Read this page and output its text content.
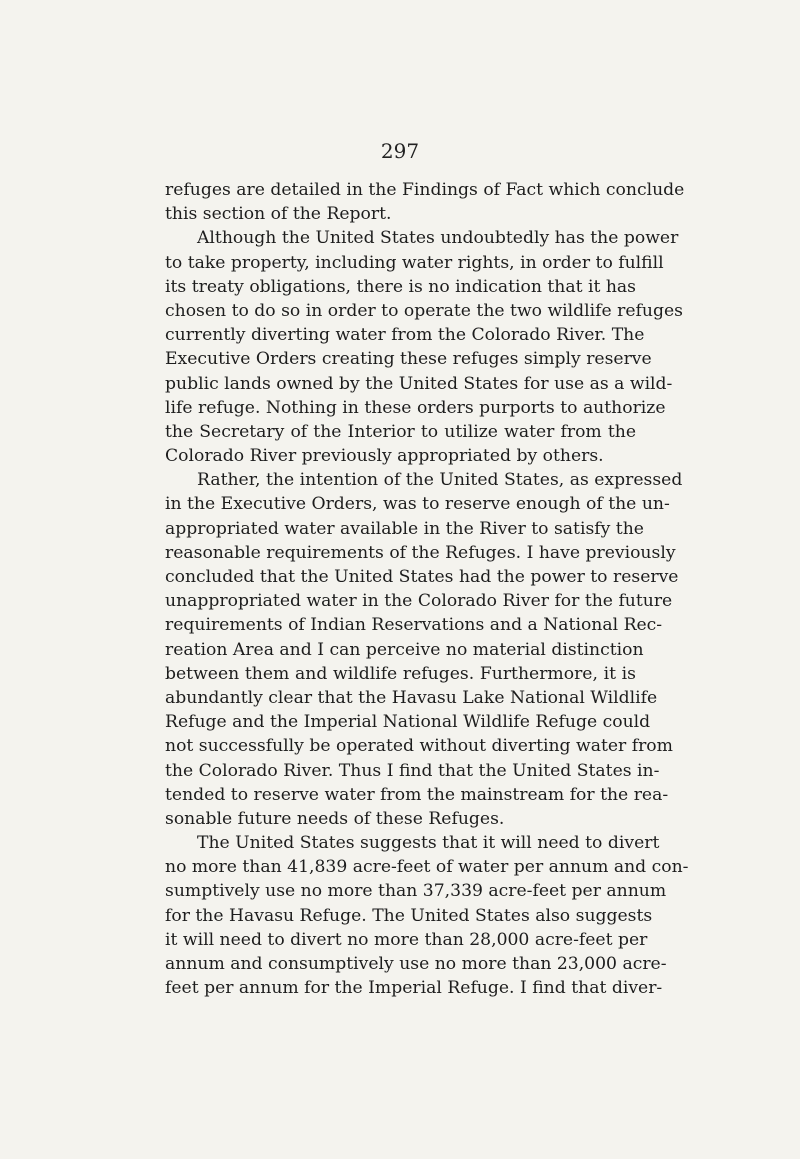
297
refuges are detailed in the Findings of Fact which conclude
this section of the Report.
Although the United States undoubtedly has the power
to take property, including water rights, in order to fulfill
its treaty obligations, there is no indication that it has
chosen to do so in order to operate the two wildlife refuges
currently diverting water from the Colorado River. The
Executive Orders creating these refuges simply reserve
public lands owned by the United States for use as a wild-
life refuge. Nothing in these orders purports to authorize
the Secretary of the Interior to utilize water from the
Colorado River previously appropriated by others.
Rather, the intention of the United States, as expressed
in the Executive Orders, was to reserve enough of the un-
appropriated water available in the River to satisfy the
reasonable requirements of the Refuges. I have previously
concluded that the United States had the power to reserve
unappropriated water in the Colorado River for the future
requirements of Indian Reservations and a National Rec-
reation Area and I can perceive no material distinction
between them and wildlife refuges. Furthermore, it is
abundantly clear that the Havasu Lake National Wildlife
Refuge and the Imperial National Wildlife Refuge could
not successfully be operated without diverting water from
the Colorado River. Thus I find that the United States in-
tended to reserve water from the mainstream for the rea-
sonable future needs of these Refuges.
The United States suggests that it will need to divert
no more than 41,839 acre-feet of water per annum and con-
sumptively use no more than 37,339 acre-feet per annum
for the Havasu Refuge. The United States also suggests
it will need to divert no more than 28,000 acre-feet per
annum and consumptively use no more than 23,000 acre-
feet per annum for the Imperial Refuge. I find that diver-
